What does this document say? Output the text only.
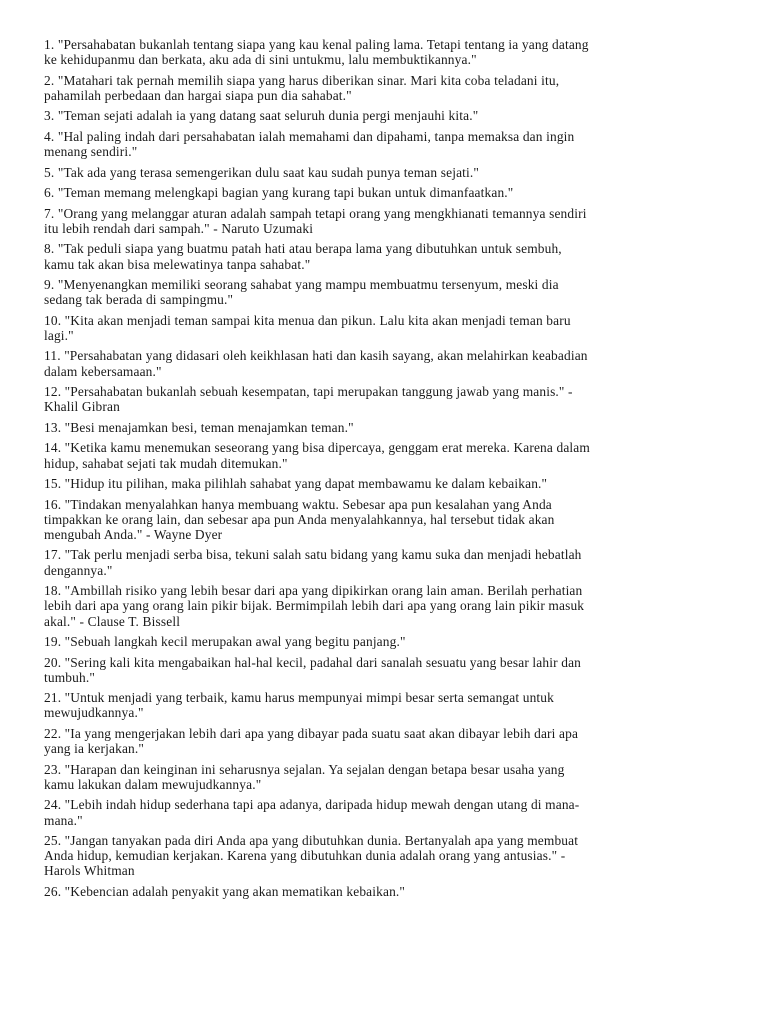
1. "Persahabatan bukanlah tentang siapa yang kau kenal paling lama. Tetapi tentang ia yang datang
ke kehidupanmu dan berkata, aku ada di sini untukmu, lalu membuktikannya."
2. "Matahari tak pernah memilih siapa yang harus diberikan sinar. Mari kita coba teladani itu,
pahamilah perbedaan dan hargai siapa pun dia sahabat."
3. "Teman sejati adalah ia yang datang saat seluruh dunia pergi menjauhi kita."
4. "Hal paling indah dari persahabatan ialah memahami dan dipahami, tanpa memaksa dan ingin
menang sendiri."
5. "Tak ada yang terasa semengerikan dulu saat kau sudah punya teman sejati."
6. "Teman memang melengkapi bagian yang kurang tapi bukan untuk dimanfaatkan."
7. "Orang yang melanggar aturan adalah sampah tetapi orang yang mengkhianati temannya sendiri
itu lebih rendah dari sampah." - Naruto Uzumaki
8. "Tak peduli siapa yang buatmu patah hati atau berapa lama yang dibutuhkan untuk sembuh,
kamu tak akan bisa melewatinya tanpa sahabat."
9. "Menyenangkan memiliki seorang sahabat yang mampu membuatmu tersenyum, meski dia
sedang tak berada di sampingmu."
10. "Kita akan menjadi teman sampai kita menua dan pikun. Lalu kita akan menjadi teman baru
lagi."
11. "Persahabatan yang didasari oleh keikhlasan hati dan kasih sayang, akan melahirkan keabadian
dalam kebersamaan."
12. "Persahabatan bukanlah sebuah kesempatan, tapi merupakan tanggung jawab yang manis." -
Khalil Gibran
13. "Besi menajamkan besi, teman menajamkan teman."
14. "Ketika kamu menemukan seseorang yang bisa dipercaya, genggam erat mereka. Karena dalam
hidup, sahabat sejati tak mudah ditemukan."
15. "Hidup itu pilihan, maka pilihlah sahabat yang dapat membawamu ke dalam kebaikan."
16. "Tindakan menyalahkan hanya membuang waktu. Sebesar apa pun kesalahan yang Anda
timpakkan ke orang lain, dan sebesar apa pun Anda menyalahkannya, hal tersebut tidak akan
mengubah Anda." - Wayne Dyer
17. "Tak perlu menjadi serba bisa, tekuni salah satu bidang yang kamu suka dan menjadi hebatlah
dengannya."
18. "Ambillah risiko yang lebih besar dari apa yang dipikirkan orang lain aman. Berilah perhatian
lebih dari apa yang orang lain pikir bijak. Bermimpilah lebih dari apa yang orang lain pikir masuk
akal." - Clause T. Bissell
19. "Sebuah langkah kecil merupakan awal yang begitu panjang."
20. "Sering kali kita mengabaikan hal-hal kecil, padahal dari sanalah sesuatu yang besar lahir dan
tumbuh."
21. "Untuk menjadi yang terbaik, kamu harus mempunyai mimpi besar serta semangat untuk
mewujudkannya."
22. "Ia yang mengerjakan lebih dari apa yang dibayar pada suatu saat akan dibayar lebih dari apa
yang ia kerjakan."
23. "Harapan dan keinginan ini seharusnya sejalan. Ya sejalan dengan betapa besar usaha yang
kamu lakukan dalam mewujudkannya."
24. "Lebih indah hidup sederhana tapi apa adanya, daripada hidup mewah dengan utang di mana-
mana."
25. "Jangan tanyakan pada diri Anda apa yang dibutuhkan dunia. Bertanyalah apa yang membuat
Anda hidup, kemudian kerjakan. Karena yang dibutuhkan dunia adalah orang yang antusias." -
Harols Whitman
26. "Kebencian adalah penyakit yang akan mematikan kebaikan."
